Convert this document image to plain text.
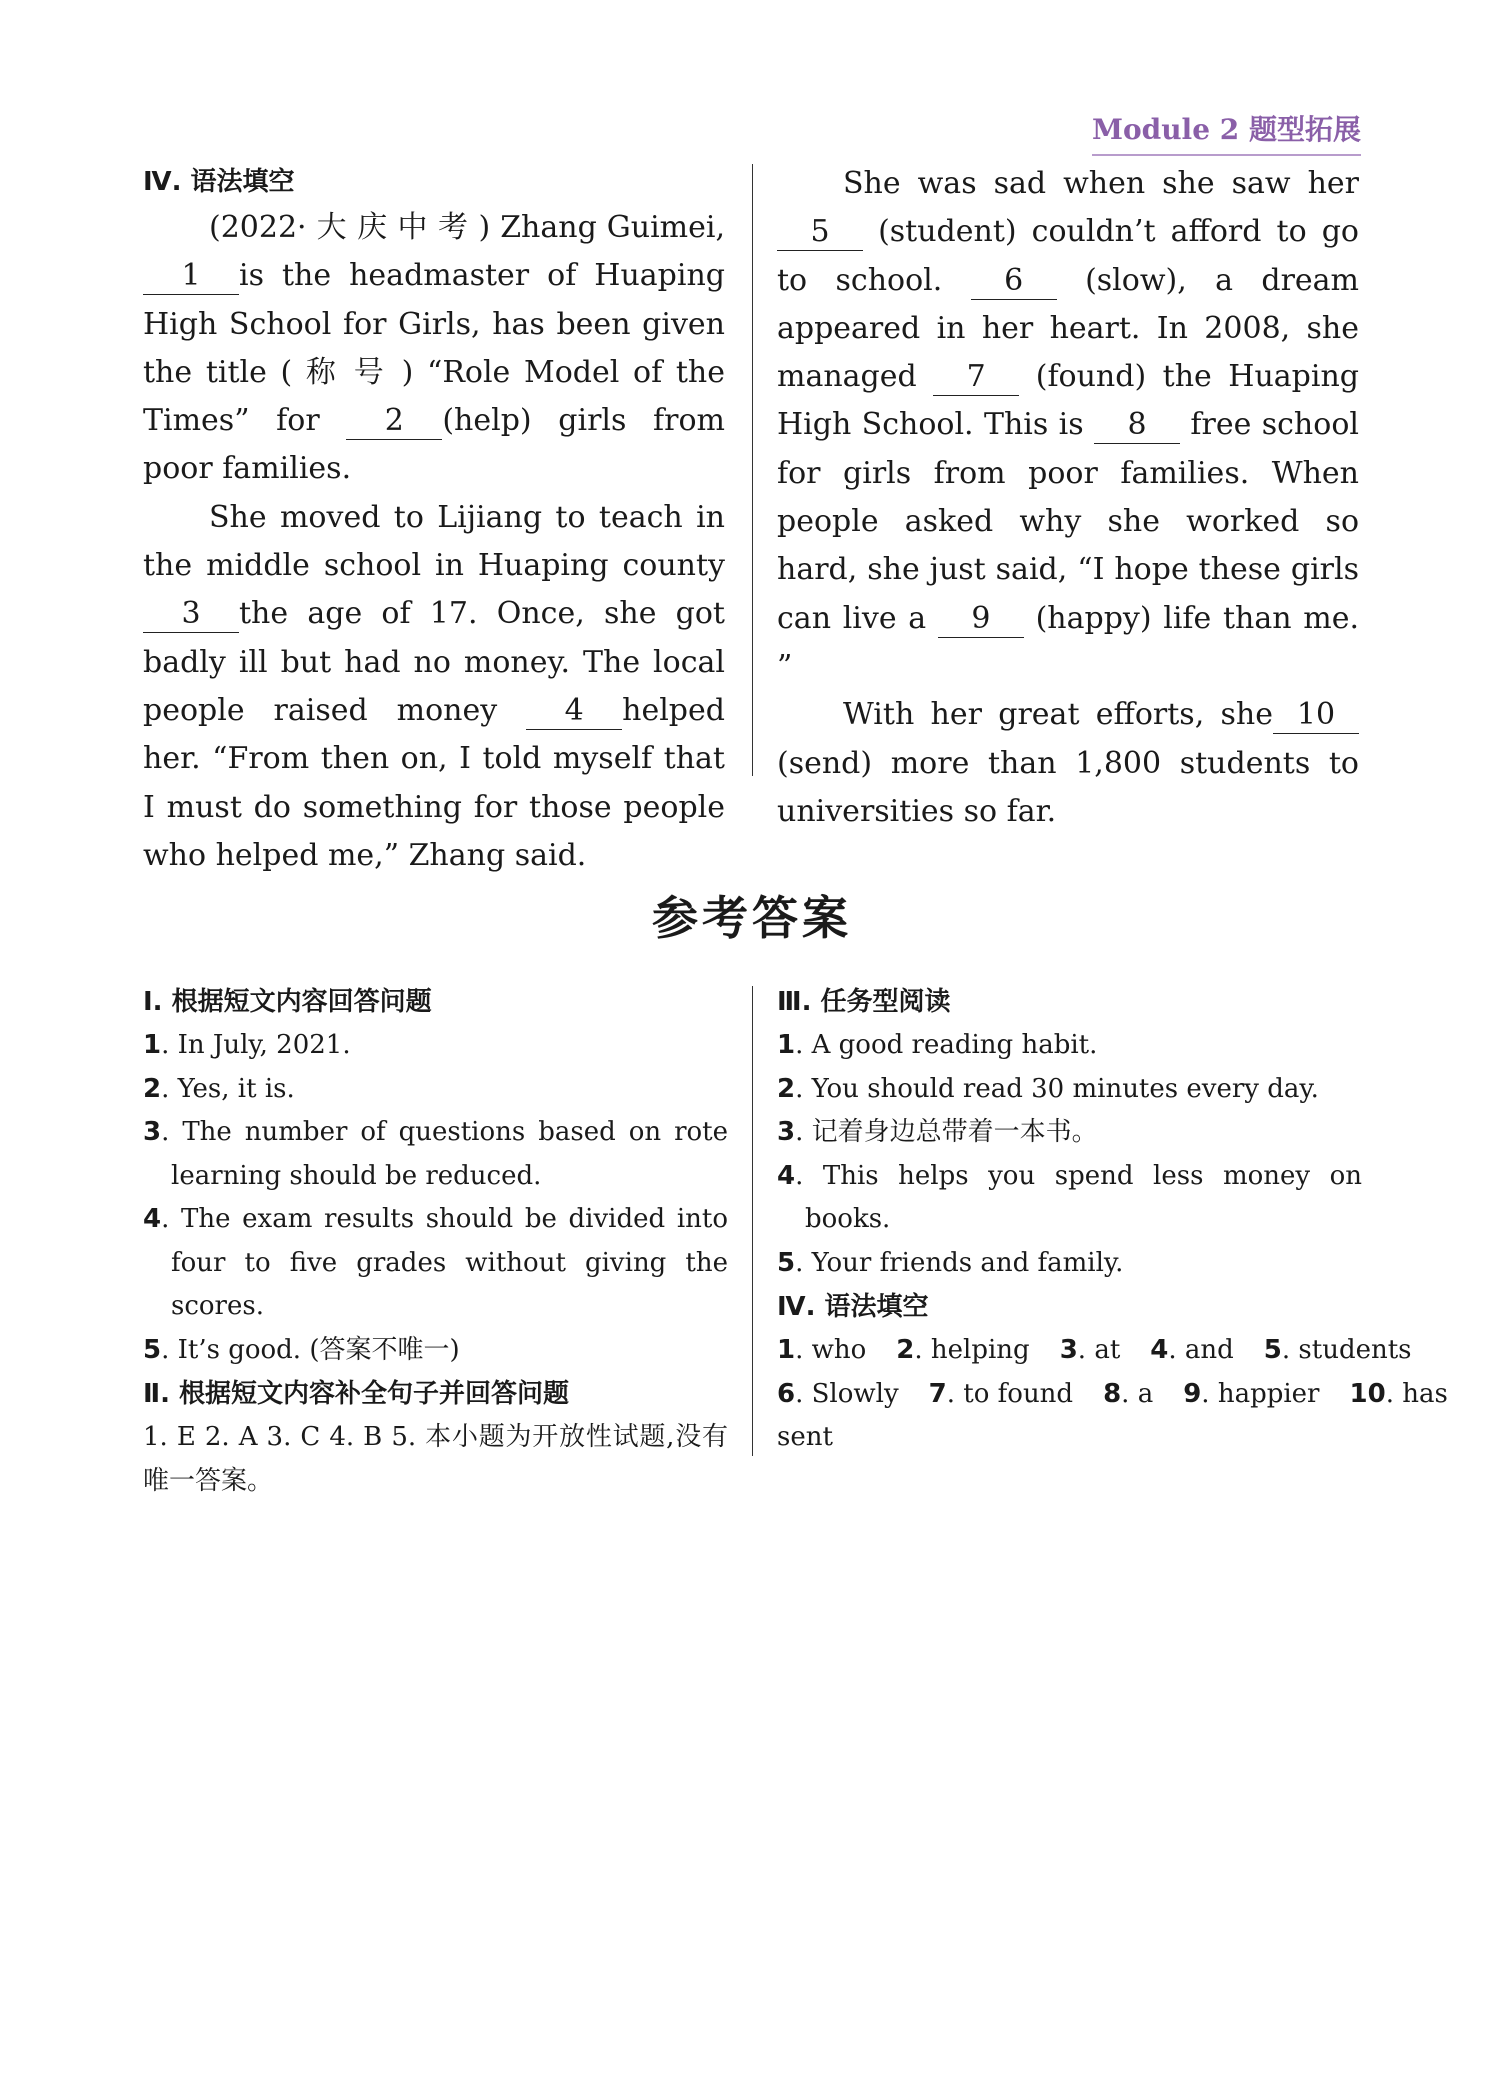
Module 2 题型拓展

Ⅳ. 语法填空

(2022· 大 庆 中 考 ) Zhang Guimei, 1 is the headmaster of Huaping High School for Girls, has been given the title ( 称 号 ) “Role Model of the Times” for 2 (help) girls from poor families.

She moved to Lijiang to teach in the middle school in Huaping county3 the age of 17. Once, she got badly ill but had no money. The local people raised money 4 helped her. “From then on, I told myself that I must do something for those people who helped me,” Zhang said.

She was sad when she saw her5 (student) couldn’t afford to go to school. 6 (slow), a dream appeared in her heart. In 2008, she managed 7 (found) the Huaping High School. This is 8 free school for girls from poor families. When people asked why she worked so hard, she just said, “I hope these girls can live a 9 (happy) life than me. ”

With her great efforts, she 10 (send) more than 1,800 students to universities so far.

参考答案

Ⅰ. 根据短文内容回答问题

1. In July, 2021.

2. Yes, it is.

3. The number of questions based on rote learning should be reduced.

4. The exam results should be divided into four to five grades without giving the scores.

5. It’s good. (答案不唯一)

Ⅱ. 根据短文内容补全句子并回答问题

1. E 2. A 3. C 4. B 5. 本小题为开放性试题,没有唯一答案。

Ⅲ. 任务型阅读

1. A good reading habit.

2. You should read 30 minutes every day.

3. 记着身边总带着一本书。

4. This helps you spend less money on books.

5. Your friends and family.

Ⅳ. 语法填空

1. who 2. helping 3. at 4. and 5. students
6. Slowly 7. to found 8. a 9. happier 10. has

sent
